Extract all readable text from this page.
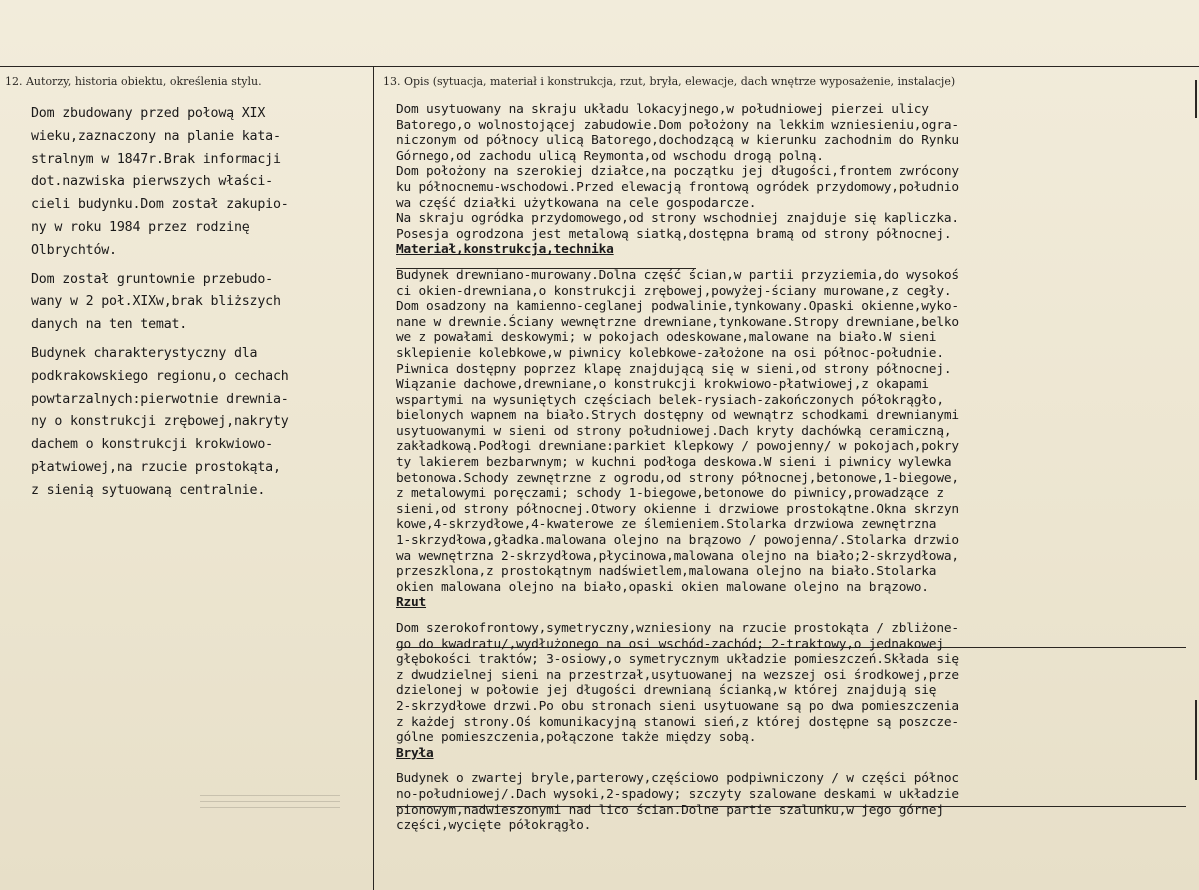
12. Autorzy, historia obiektu, określenia stylu.	13. Opis (sytuacja, materiał i konstrukcja, rzut, bryła, elewacje, dach wnętrze wyposażenie, instalacje)
Dom zbudowany przed połową XIX
wieku,zaznaczony na planie kata-
stralnym w 1847r.Brak informacji
dot.nazwiska pierwszych właści-
cieli budynku.Dom został zakupio-
ny w roku 1984 przez rodzinę
Olbrychtów.
Dom został gruntownie przebudo-
wany w 2 poł.XIXw,brak bliższych
danych na ten temat.
Budynek charakterystyczny dla
podkrakowskiego regionu,o cechach
powtarzalnych:pierwotnie drewnia-
ny o konstrukcji zrębowej,nakryty
dachem o konstrukcji krokwiowo-
płatwiowej,na rzucie prostokąta,
z sienią sytuowaną centralnie.
Dom usytuowany na skraju układu lokacyjnego,w południowej pierzei ulicy
Batorego,o wolnostojącej zabudowie.Dom położony na lekkim wzniesieniu,ogra-
niczonym od północy ulicą Batorego,dochodzącą w kierunku zachodnim do Rynku
Górnego,od zachodu ulicą Reymonta,od wschodu drogą polną.
Dom położony na szerokiej działce,na początku jej długości,frontem zwrócony
ku północnemu-wschodowi.Przed elewacją frontową ogródek przydomowy,południo
wa część działki użytkowana na cele gospodarcze.
Na skraju ogródka przydomowego,od strony wschodniej znajduje się kapliczka.
Posesja ogrodzona jest metalową siatką,dostępna bramą od strony północnej.
Materiał,konstrukcja,technika
Budynek drewniano-murowany.Dolna część ścian,w partii przyziemia,do wysokoś
ci okien-drewniana,o konstrukcji zrębowej,powyżej-ściany murowane,z cegły.
Dom osadzony na kamienno-ceglanej podwalinie,tynkowany.Opaski okienne,wyko-
nane w drewnie.Ściany wewnętrzne drewniane,tynkowane.Stropy drewniane,belko
we z powałami deskowymi; w pokojach odeskowane,malowane na biało.W sieni
sklepienie kolebkowe,w piwnicy kolebkowe-założone na osi północ-południe.
Piwnica dostępny poprzez klapę znajdującą się w sieni,od strony północnej.
Wiązanie dachowe,drewniane,o konstrukcji krokwiowo-płatwiowej,z okapami
wspartymi na wysuniętych częściach belek-rysiach-zakończonych półokrągło,
bielonych wapnem na biało.Strych dostępny od wewnątrz schodkami drewnianymi
usytuowanymi w sieni od strony południowej.Dach kryty dachówką ceramiczną,
zakładkową.Podłogi drewniane:parkiet klepkowy / powojenny/ w pokojach,pokry
ty lakierem bezbarwnym; w kuchni podłoga deskowa.W sieni i piwnicy wylewka
betonowa.Schody zewnętrzne z ogrodu,od strony północnej,betonowe,1-biegowe,
z metalowymi poręczami; schody 1-biegowe,betonowe do piwnicy,prowadzące z
sieni,od strony północnej.Otwory okienne i drzwiowe prostokątne.Okna skrzyn
kowe,4-skrzydłowe,4-kwaterowe ze ślemieniem.Stolarka drzwiowa zewnętrzna
1-skrzydłowa,gładka.malowana olejno na brązowo / powojenna/.Stolarka drzwio
wa wewnętrzna 2-skrzydłowa,płycinowa,malowana olejno na biało;2-skrzydłowa,
przeszklona,z prostokątnym nadświetlem,malowana olejno na biało.Stolarka
okien malowana olejno na biało,opaski okien malowane olejno na brązowo.
Rzut
Dom szerokofrontowy,symetryczny,wzniesiony na rzucie prostokąta / zbliżone-
go do kwadratu/,wydłużonego na osi wschód-zachód; 2-traktowy,o jednakowej
głębokości traktów; 3-osiowy,o symetrycznym układzie pomieszczeń.Składa się
z dwudzielnej sieni na przestrzał,usytuowanej na wezszej osi środkowej,prze
dzielonej w połowie jej długości drewnianą ścianką,w której znajdują się
2-skrzydłowe drzwi.Po obu stronach sieni usytuowane są po dwa pomieszczenia
z każdej strony.Oś komunikacyjną stanowi sień,z której dostępne są poszcze-
gólne pomieszczenia,połączone także między sobą.
Bryła
Budynek o zwartej bryle,parterowy,częściowo podpiwniczony / w części północ
no-południowej/.Dach wysoki,2-spadowy; szczyty szalowane deskami w układzie
pionowym,nadwieszonymi nad lico ścian.Dolne partie szalunku,w jego górnej
części,wycięte półokrągło.
